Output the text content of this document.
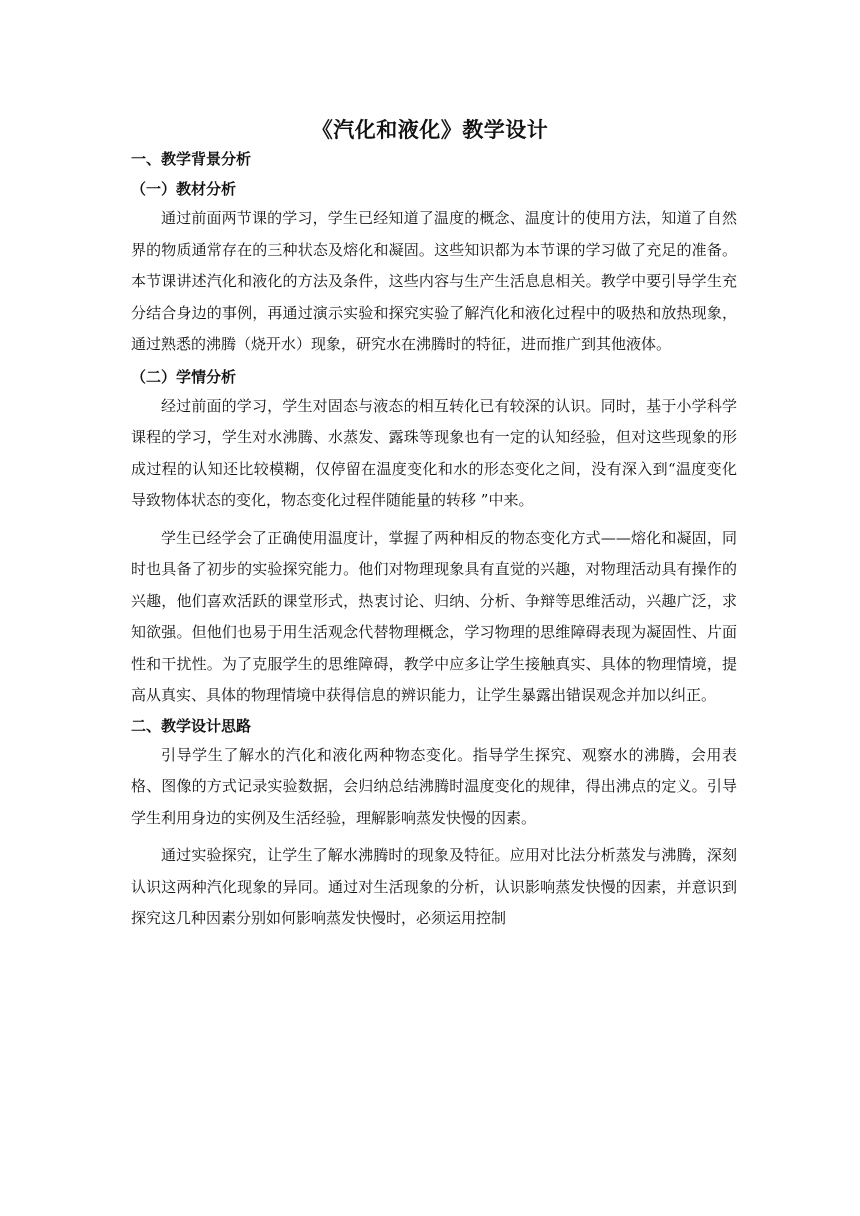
《汽化和液化》教学设计

一、教学背景分析

（一）教材分析

通过前面两节课的学习，学生已经知道了温度的概念、温度计的使用方法，知道了自然界的物质通常存在的三种状态及熔化和凝固。这些知识都为本节课的学习做了充足的准备。本节课讲述汽化和液化的方法及条件，这些内容与生产生活息息相关。教学中要引导学生充分结合身边的事例，再通过演示实验和探究实验了解汽化和液化过程中的吸热和放热现象，通过熟悉的沸腾（烧开水）现象，研究水在沸腾时的特征，进而推广到其他液体。

（二）学情分析

经过前面的学习，学生对固态与液态的相互转化已有较深的认识。同时，基于小学科学课程的学习，学生对水沸腾、水蒸发、露珠等现象也有一定的认知经验，但对这些现象的形成过程的认知还比较模糊，仅停留在温度变化和水的形态变化之间，没有深入到“温度变化导致物体状态的变化，物态变化过程伴随能量的转移 ”中来。

学生已经学会了正确使用温度计，掌握了两种相反的物态变化方式——熔化和凝固，同时也具备了初步的实验探究能力。他们对物理现象具有直觉的兴趣，对物理活动具有操作的兴趣，他们喜欢活跃的课堂形式，热衷讨论、归纳、分析、争辩等思维活动，兴趣广泛，求知欲强。但他们也易于用生活观念代替物理概念，学习物理的思维障碍表现为凝固性、片面性和干扰性。为了克服学生的思维障碍，教学中应多让学生接触真实、具体的物理情境，提高从真实、具体的物理情境中获得信息的辨识能力，让学生暴露出错误观念并加以纠正。

二、教学设计思路

引导学生了解水的汽化和液化两种物态变化。指导学生探究、观察水的沸腾，会用表格、图像的方式记录实验数据，会归纳总结沸腾时温度变化的规律，得出沸点的定义。引导学生利用身边的实例及生活经验，理解影响蒸发快慢的因素。

通过实验探究，让学生了解水沸腾时的现象及特征。应用对比法分析蒸发与沸腾，深刻认识这两种汽化现象的异同。通过对生活现象的分析，认识影响蒸发快慢的因素，并意识到探究这几种因素分别如何影响蒸发快慢时，必须运用控制
